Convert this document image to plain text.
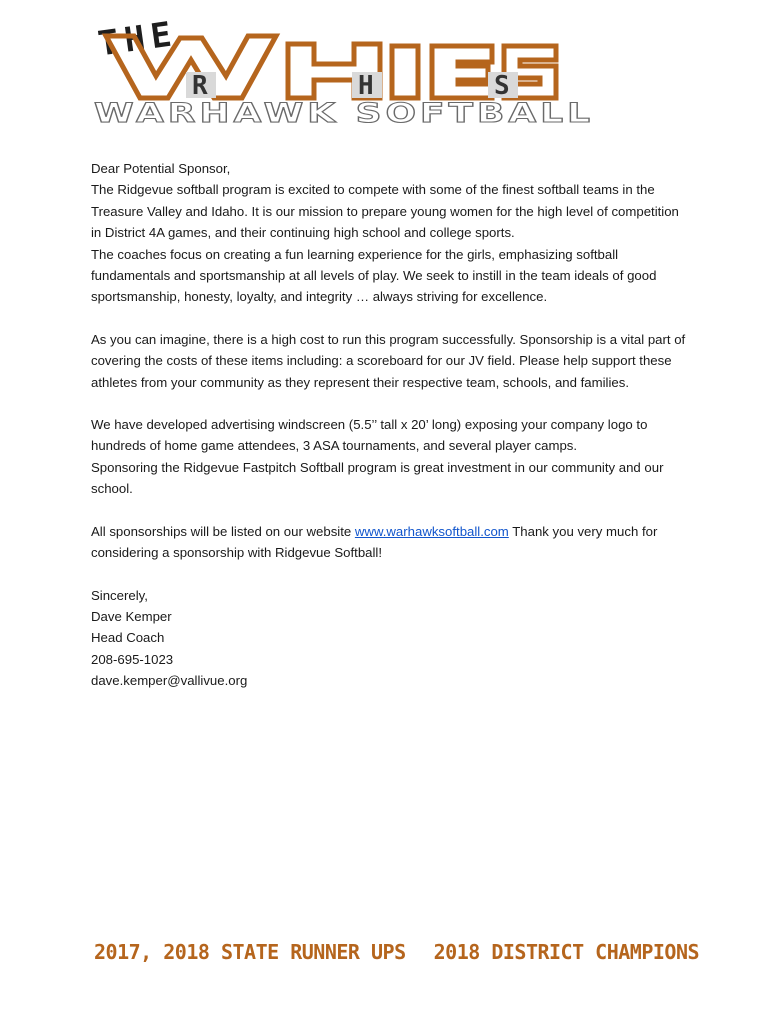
THE
R	H	S
WARHAWK SOFTBALL

Dear Potential Sponsor,

The Ridgevue softball program is excited to compete with some of the finest softball teams in the Treasure Valley and Idaho. It is our mission to prepare young women for the high level of competition in District 4A games, and their continuing high school and college sports.

The coaches focus on creating a fun learning experience for the girls, emphasizing softball fundamentals and sportsmanship at all levels of play. We seek to instill in the team ideals of good sportsmanship, honesty, loyalty, and integrity … always striving for excellence.

As you can imagine, there is a high cost to run this program successfully. Sponsorship is a vital part of covering the costs of these items including: a scoreboard for our JV field. Please help support these athletes from your community as they represent their respective team, schools, and families.

We have developed advertising windscreen (5.5’’ tall x 20’ long) exposing your company logo to hundreds of home game attendees, 3 ASA tournaments, and several player camps.

Sponsoring the Ridgevue Fastpitch Softball program is great investment in our community and our school.

All sponsorships will be listed on our website www.warhawksoftball.com Thank you very much for considering a sponsorship with Ridgevue Softball!

Sincerely,

Dave Kemper

Head Coach

208-695-1023

dave.kemper@vallivue.org

2017, 2018 STATE RUNNER UPS 2018 DISTRICT CHAMPIONS
